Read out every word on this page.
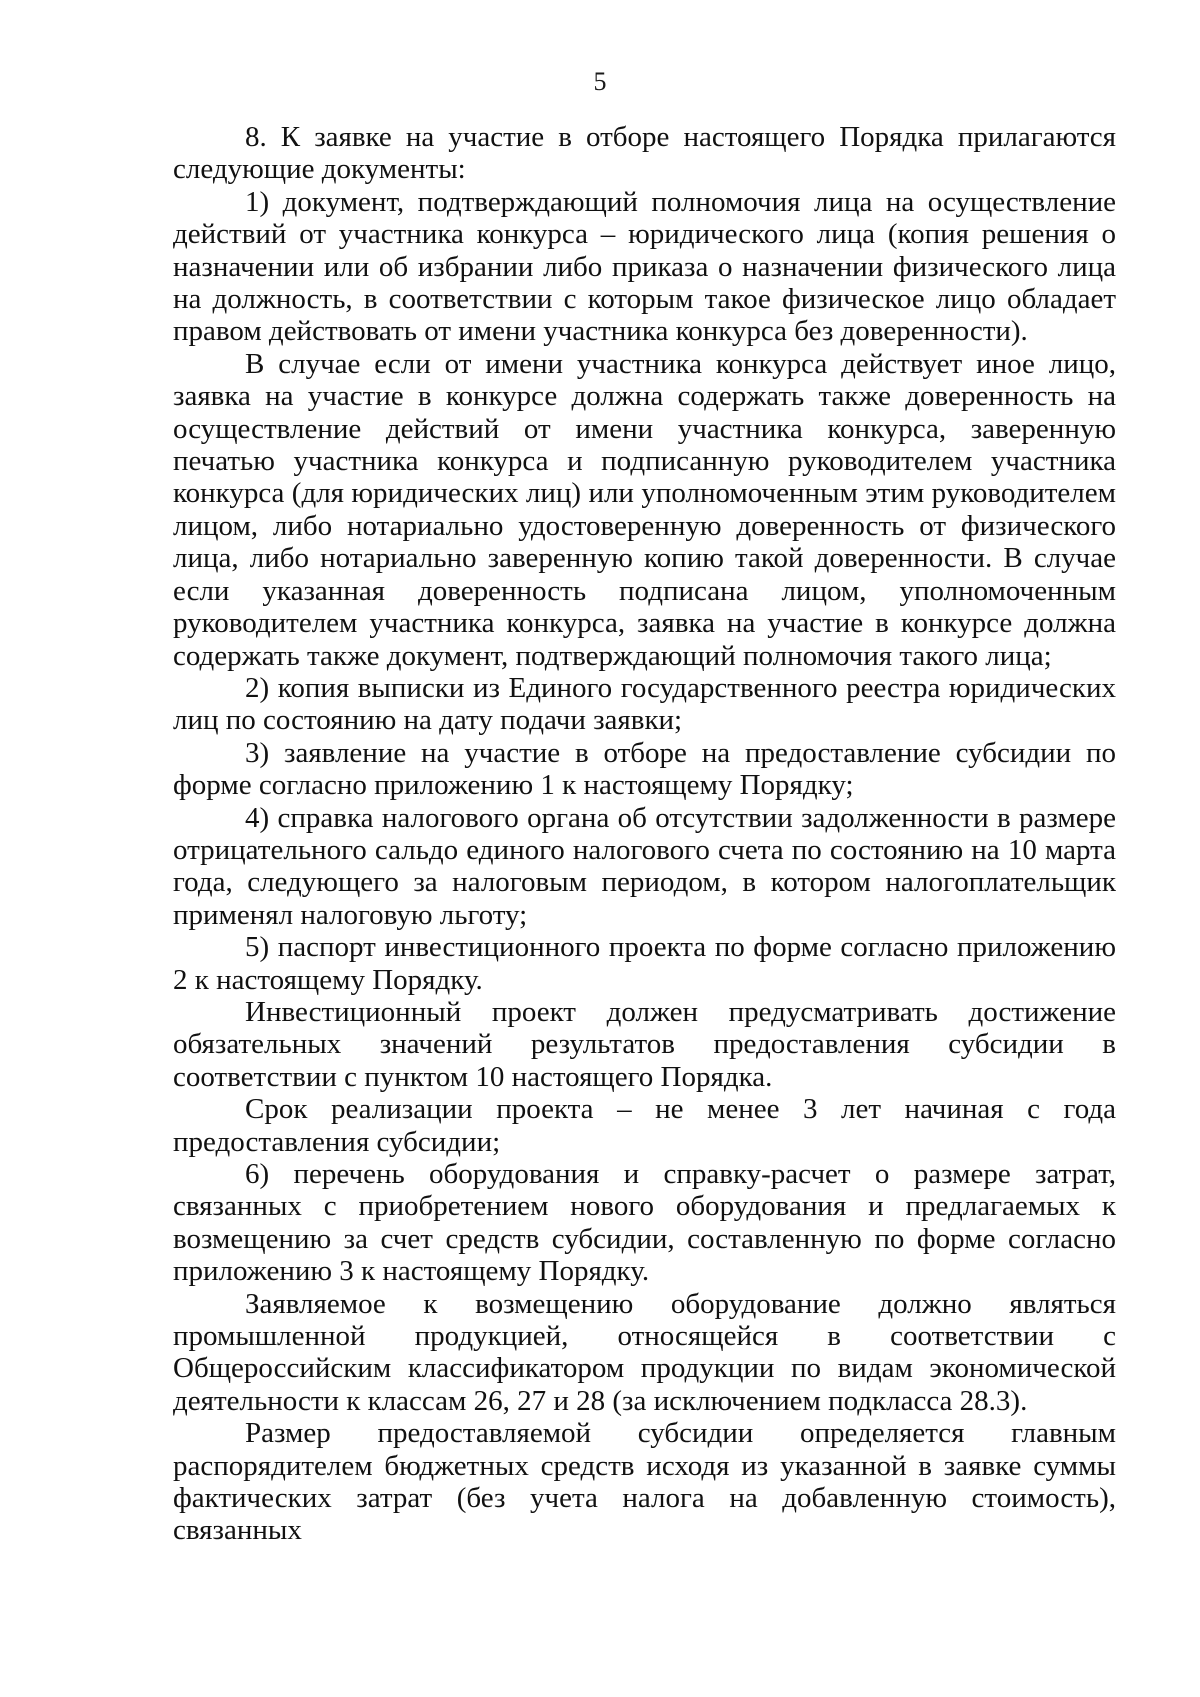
5

8. К заявке на участие в отборе настоящего Порядка прилагаются следующие документы:

1) документ, подтверждающий полномочия лица на осуществление действий от участника конкурса – юридического лица (копия решения о назначении или об избрании либо приказа о назначении физического лица на должность, в соответствии с которым такое физическое лицо обладает правом действовать от имени участника конкурса без доверенности).

В случае если от имени участника конкурса действует иное лицо, заявка на участие в конкурсе должна содержать также доверенность на осуществление действий от имени участника конкурса, заверенную печатью участника конкурса и подписанную руководителем участника конкурса (для юридических лиц) или уполномоченным этим руководителем лицом, либо нотариально удостоверенную доверенность от физического лица, либо нотариально заверенную копию такой доверенности. В случае если указанная доверенность подписана лицом, уполномоченным руководителем участника конкурса, заявка на участие в конкурсе должна содержать также документ, подтверждающий полномочия такого лица;

2) копия выписки из Единого государственного реестра юридических лиц по состоянию на дату подачи заявки;

3) заявление на участие в отборе на предоставление субсидии по форме согласно приложению 1 к настоящему Порядку;

4) справка налогового органа об отсутствии задолженности в размере отрицательного сальдо единого налогового счета по состоянию на 10 марта года, следующего за налоговым периодом, в котором налогоплательщик применял налоговую льготу;

5) паспорт инвестиционного проекта по форме согласно приложению 2 к настоящему Порядку.

Инвестиционный проект должен предусматривать достижение обязательных значений результатов предоставления субсидии в соответствии с пунктом 10 настоящего Порядка.

Срок реализации проекта – не менее 3 лет начиная с года предоставления субсидии;

6) перечень оборудования и справку-расчет о размере затрат, связанных с приобретением нового оборудования и предлагаемых к возмещению за счет средств субсидии, составленную по форме согласно приложению 3 к настоящему Порядку.

Заявляемое к возмещению оборудование должно являться промышленной продукцией, относящейся в соответствии с Общероссийским классификатором продукции по видам экономической деятельности к классам 26, 27 и 28 (за исключением подкласса 28.3).

Размер предоставляемой субсидии определяется главным распорядителем бюджетных средств исходя из указанной в заявке суммы фактических затрат (без учета налога на добавленную стоимость), связанных
